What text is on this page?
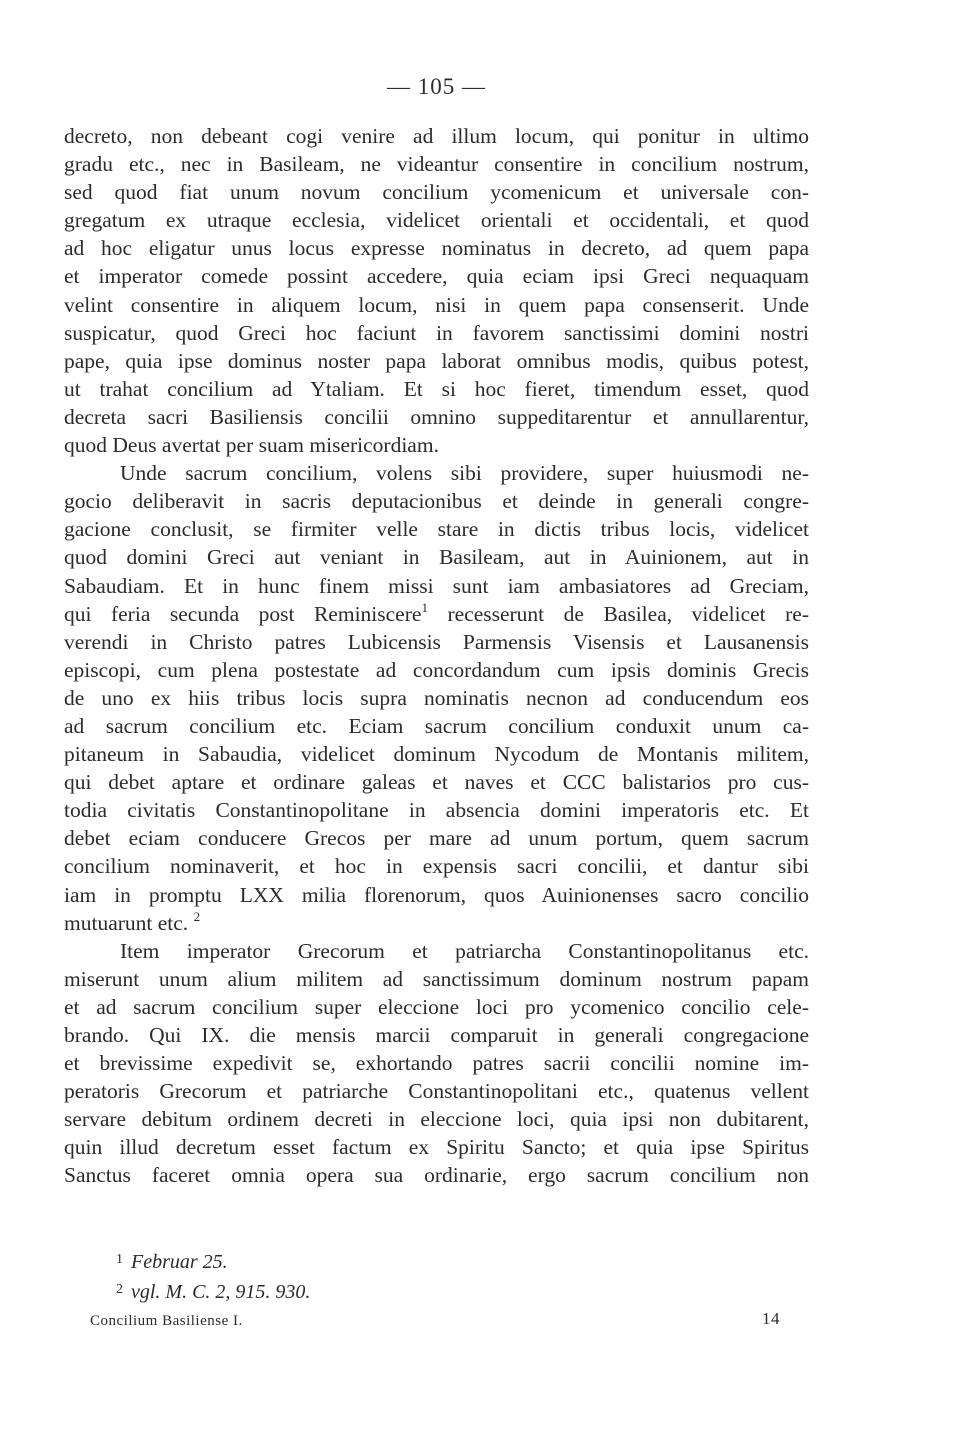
— 105 —

decreto, non debeant cogi venire ad illum locum, qui ponitur in ultimo
gradu etc., nec in Basileam, ne videantur consentire in concilium nostrum,
sed quod fiat unum novum concilium ycomenicum et universale con-
gregatum ex utraque ecclesia, videlicet orientali et occidentali, et quod
ad hoc eligatur unus locus expresse nominatus in decreto, ad quem papa
et imperator comede possint accedere, quia eciam ipsi Greci nequaquam
velint consentire in aliquem locum, nisi in quem papa consenserit. Unde
suspicatur, quod Greci hoc faciunt in favorem sanctissimi domini nostri
pape, quia ipse dominus noster papa laborat omnibus modis, quibus potest,
ut trahat concilium ad Ytaliam. Et si hoc fieret, timendum esset, quod
decreta sacri Basiliensis concilii omnino suppeditarentur et annullarentur,
quod Deus avertat per suam misericordiam.
Unde sacrum concilium, volens sibi providere, super huiusmodi ne-
gocio deliberavit in sacris deputacionibus et deinde in generali congre-
gacione conclusit, se firmiter velle stare in dictis tribus locis, videlicet
quod domini Greci aut veniant in Basileam, aut in Auinionem, aut in
Sabaudiam. Et in hunc finem missi sunt iam ambasiatores ad Greciam,
qui feria secunda post Reminiscere$^1$ recesserunt de Basilea, videlicet re-
verendi in Christo patres Lubicensis Parmensis Visensis et Lausanensis
episcopi, cum plena postestate ad concordandum cum ipsis dominis Grecis
de uno ex hiis tribus locis supra nominatis necnon ad conducendum eos
ad sacrum concilium etc. Eciam sacrum concilium conduxit unum ca-
pitaneum in Sabaudia, videlicet dominum Nycodum de Montanis militem,
qui debet aptare et ordinare galeas et naves et CCC balistarios pro cus-
todia civitatis Constantinopolitane in absencia domini imperatoris etc. Et
debet eciam conducere Grecos per mare ad unum portum, quem sacrum
concilium nominaverit, et hoc in expensis sacri concilii, et dantur sibi
iam in promptu LXX milia florenorum, quos Auinionenses sacro concilio
mutuarunt etc. $^2$
Item imperator Grecorum et patriarcha Constantinopolitanus etc.
miserunt unum alium militem ad sanctissimum dominum nostrum papam
et ad sacrum concilium super eleccione loci pro ycomenico concilio cele-
brando. Qui IX. die mensis marcii comparuit in generali congregacione
et brevissime expedivit se, exhortando patres sacrii concilii nomine im-
peratoris Grecorum et patriarche Constantinopolitani etc., quatenus vellent
servare debitum ordinem decreti in eleccione loci, quia ipsi non dubitarent,
quin illud decretum esset factum ex Spiritu Sancto; et quia ipse Spiritus
Sanctus faceret omnia opera sua ordinarie, ergo sacrum concilium non
$^1$ Februar 25.
$^2$ vgl. M. C. 2, 915. 930.
Concilium Basiliense I.	14
